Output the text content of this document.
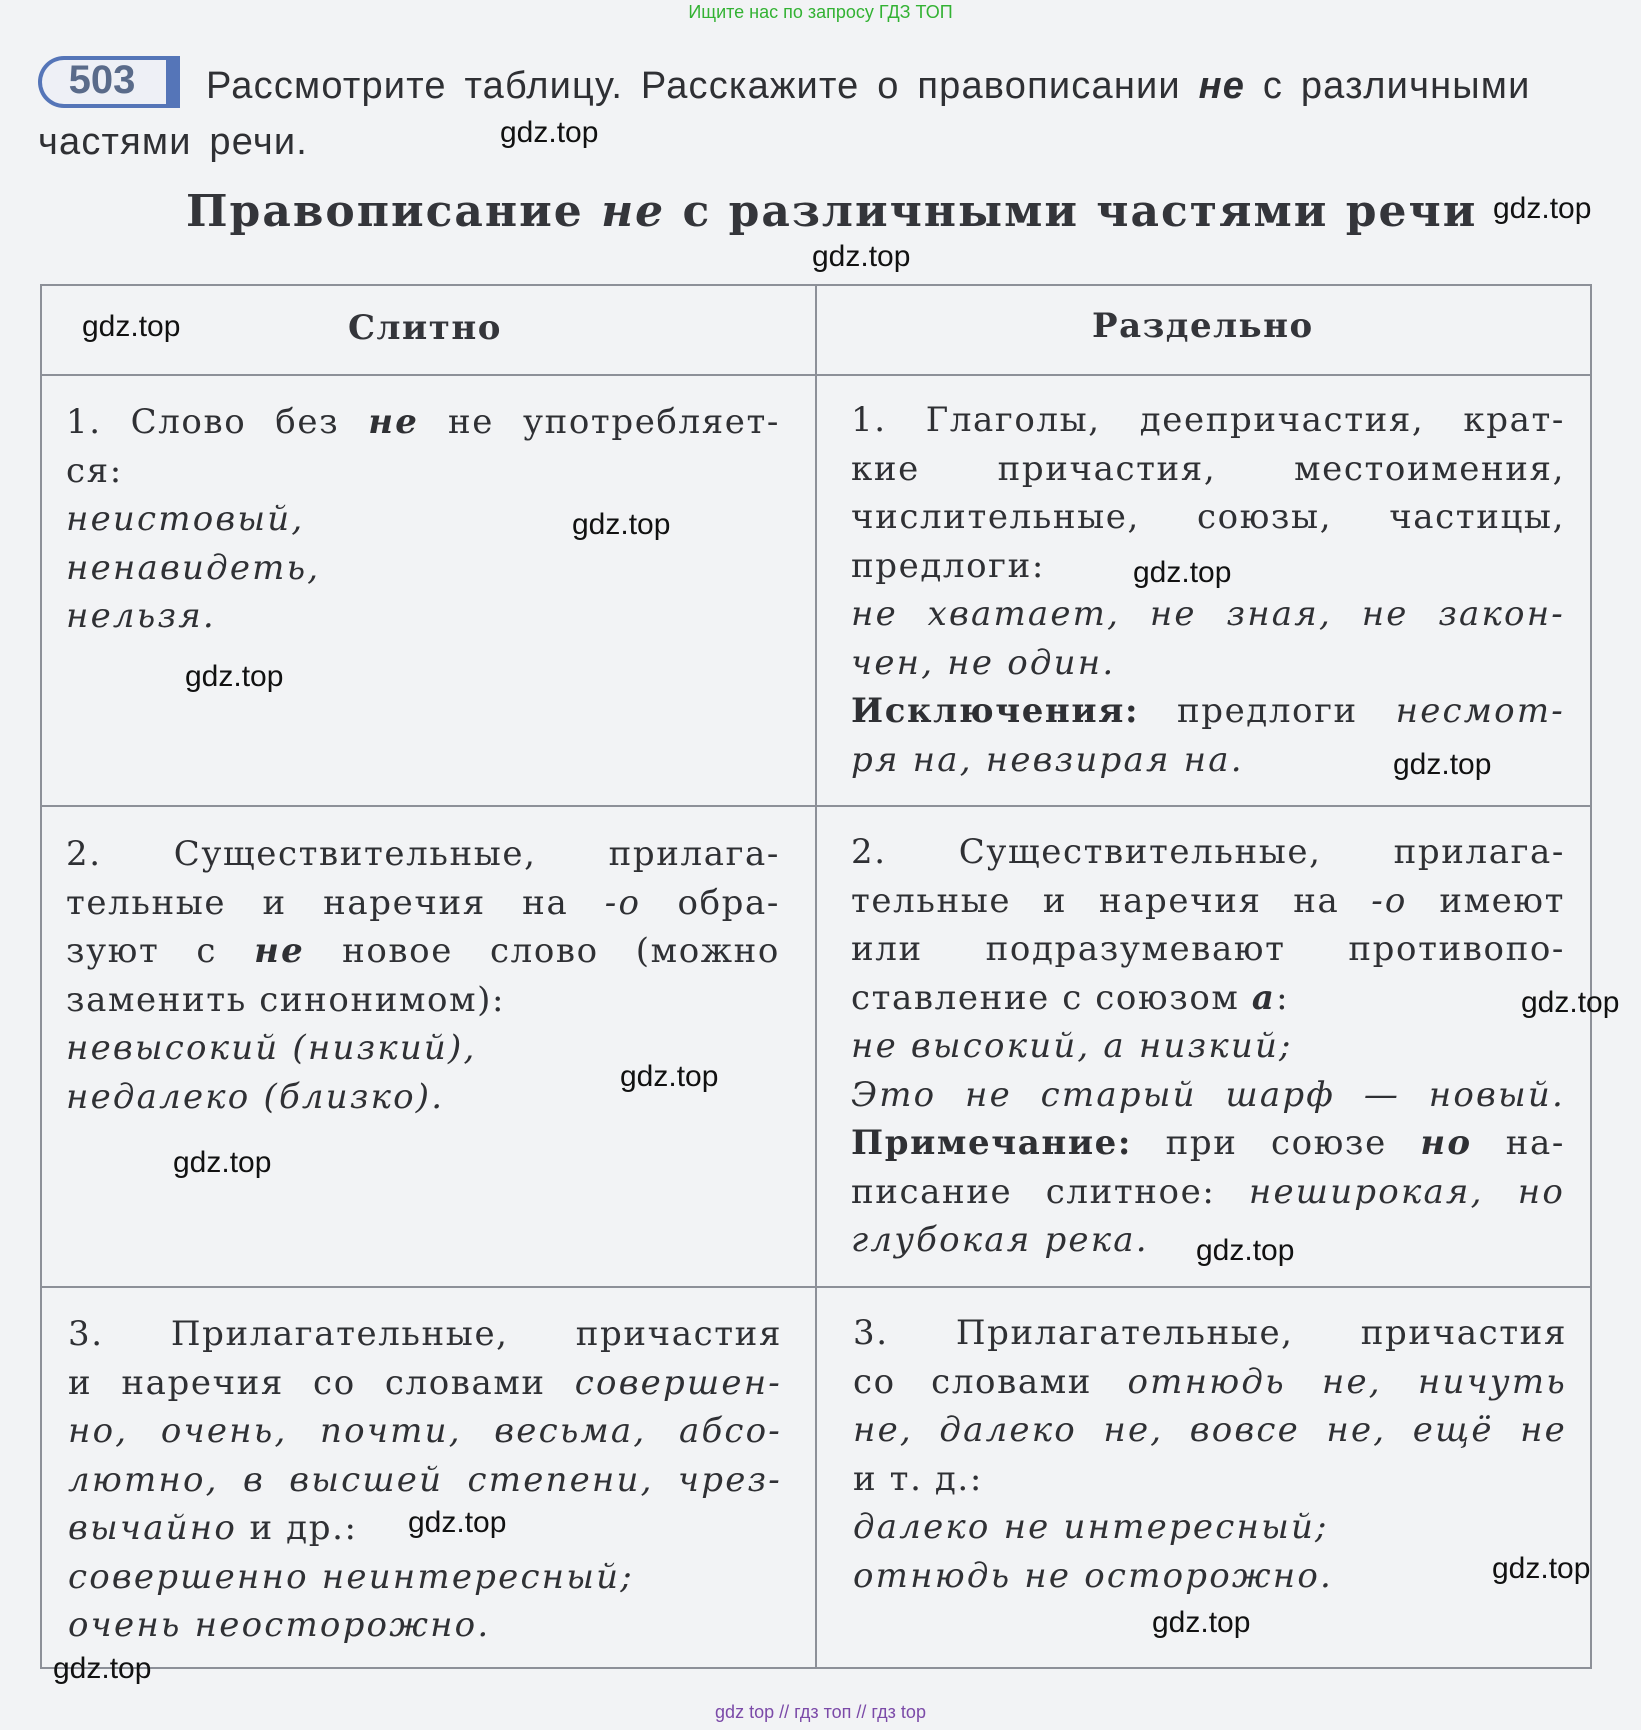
Ищите нас по запросу ГДЗ ТОП
503	Рассмотрите таблицу. Расскажите о правописании не с различными частями речи.
Правописание не с различными частями речи
Слитно	Раздельно

1. Слово без не не употребляет-

ся:

неистовый,

ненавидеть,

нельзя.

1. Глаголы, деепричастия, крат-

кие причастия, местоимения,

числительные, союзы, частицы,

предлоги:

не хватает, не зная, не закон-

чен, не один.

Исключения: предлоги несмот-

ря на, невзирая на.

2. Существительные, прилага-

тельные и наречия на -о обра-

зуют с не новое слово (можно

заменить синонимом):

невысокий (низкий),

недалеко (близко).

2. Существительные, прилага-

тельные и наречия на -о имеют

или подразумевают противопо-

ставление с союзом а:

не высокий, а низкий;

Это не старый шарф — новый.

Примечание: при союзе но на-

писание слитное: неширокая, но

глубокая река.

3. Прилагательные, причастия

и наречия со словами совершен-

но, очень, почти, весьма, абсо-

лютно, в высшей степени, чрез-

вычайно и др.:

совершенно неинтересный;

очень неосторожно.

3. Прилагательные, причастия

со словами отнюдь не, ничуть

не, далеко не, вовсе не, ещё не

и т. д.:

далеко не интересный;

отнюдь не осторожно.

gdz.top
gdz.top
gdz.top
gdz.top
gdz.top
gdz.top
gdz.top
gdz.top
gdz.top
gdz.top
gdz.top
gdz.top
gdz.top
gdz.top
gdz.top
gdz.top
gdz top // гдз топ // гдз top
